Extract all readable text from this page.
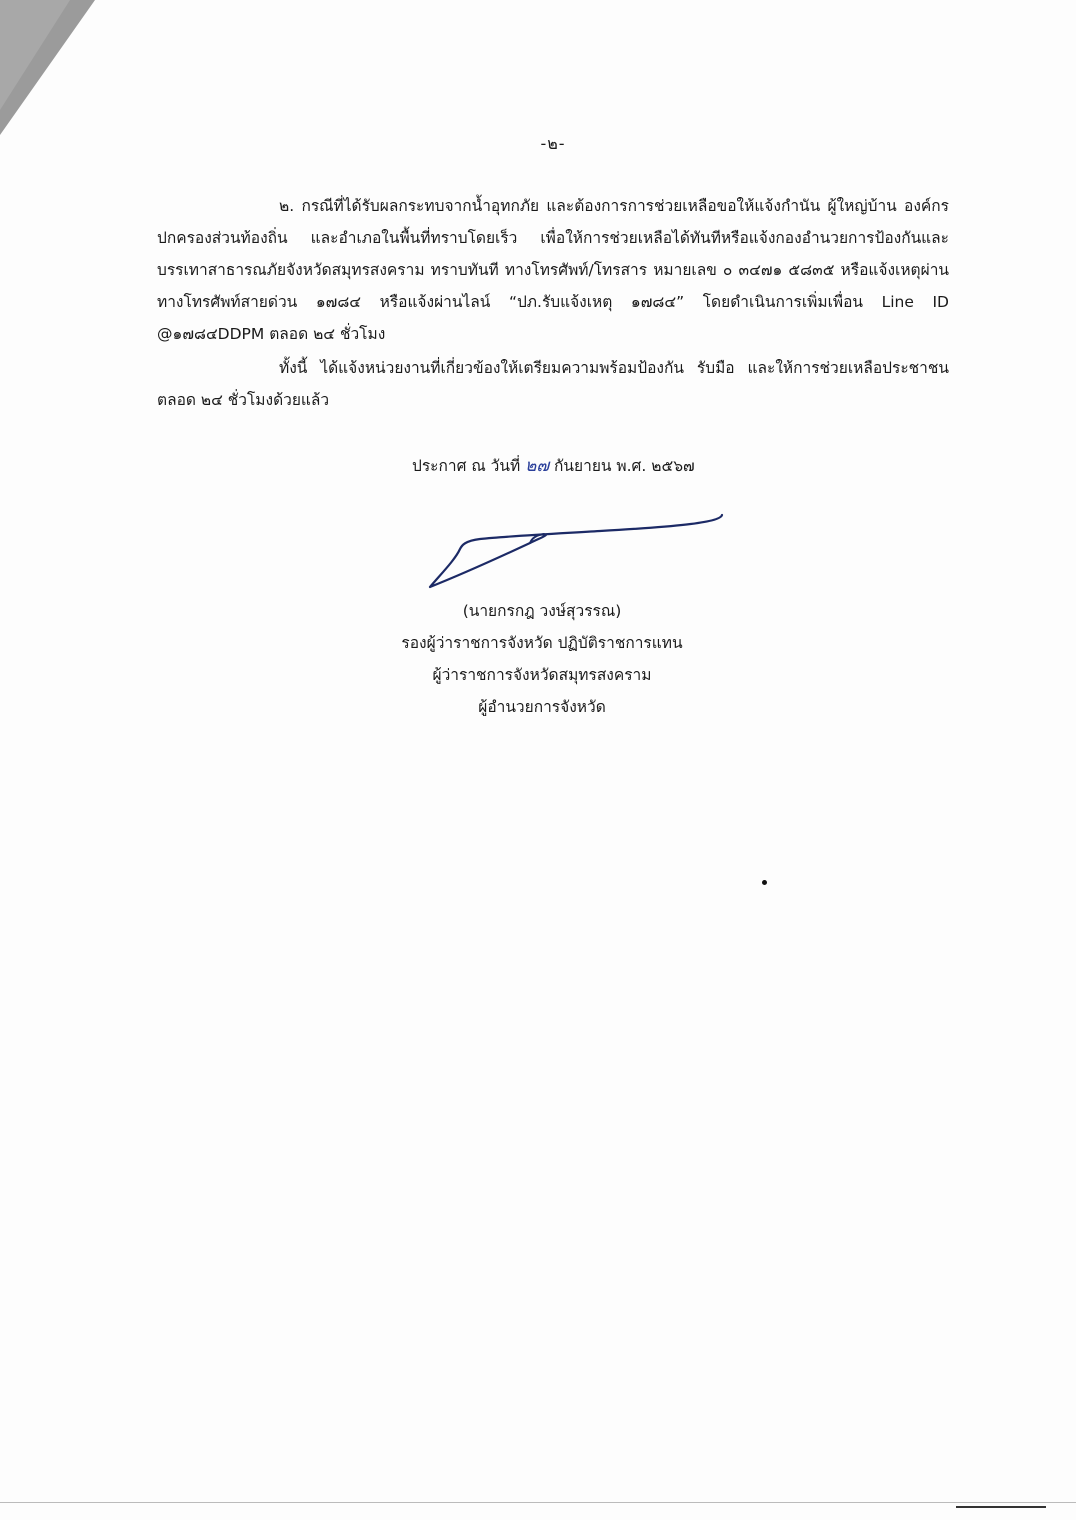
-๒-

๒. กรณีที่ได้รับผลกระทบจากน้ำอุทกภัย และต้องการการช่วยเหลือขอให้แจ้งกำนัน ผู้ใหญ่บ้าน องค์กรปกครองส่วนท้องถิ่น และอำเภอในพื้นที่ทราบโดยเร็ว เพื่อให้การช่วยเหลือได้ทันทีหรือแจ้งกองอำนวยการป้องกันและบรรเทาสาธารณภัยจังหวัดสมุทรสงคราม ทราบทันที ทางโทรศัพท์/โทรสาร หมายเลข ๐ ๓๔๗๑ ๕๘๓๕ หรือแจ้งเหตุผ่านทางโทรศัพท์สายด่วน ๑๗๘๔ หรือแจ้งผ่านไลน์ “ปภ.รับแจ้งเหตุ ๑๗๘๔” โดยดำเนินการเพิ่มเพื่อน Line ID @๑๗๘๔DDPM ตลอด ๒๔ ชั่วโมง

ทั้งนี้ ได้แจ้งหน่วยงานที่เกี่ยวข้องให้เตรียมความพร้อมป้องกัน รับมือ และให้การช่วยเหลือประชาชน ตลอด ๒๔ ชั่วโมงด้วยแล้ว

ประกาศ ณ วันที่ ๒๗ กันยายน พ.ศ. ๒๕๖๗
(นายกรกฎ วงษ์สุวรรณ)
รองผู้ว่าราชการจังหวัด ปฏิบัติราชการแทน
ผู้ว่าราชการจังหวัดสมุทรสงคราม
ผู้อำนวยการจังหวัด
